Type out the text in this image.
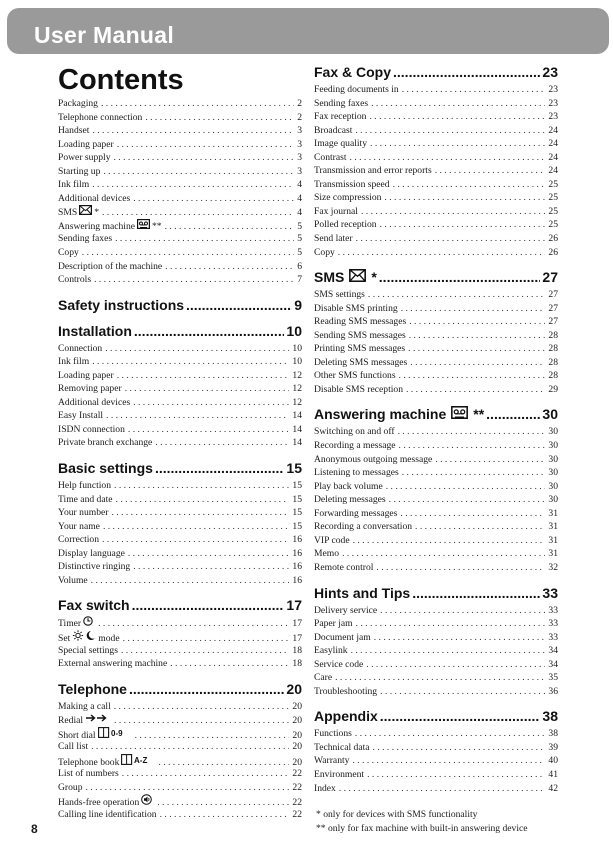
User Manual
Contents
Packaging . . .	2
Telephone connection . . .	2
Handset . . .	3
Loading paper . . .	3
Power supply . . .	3
Starting up . . .	3
Ink film . . .	4
Additional devices . . .	4
SMS * . . .	4
Answering machine ** . . .	5
Sending faxes . . .	5
Copy . . .	5
Description of the machine . . .	6
Controls . . .	7
Safety instructions .....	9
Installation .....	10
Connection . . .	10
Ink film . . .	10
Loading paper . . .	12
Removing paper . . .	12
Additional devices . . .	12
Easy Install . . .	14
ISDN connection . . .	14
Private branch exchange . . .	14
Basic settings .....	15
Help function . . .	15
Time and date . . .	15
Your number . . .	15
Your name . . .	15
Correction . . .	16
Display language . . .	16
Distinctive ringing . . .	16
Volume . . .	16
Fax switch .....	17
Timer . . .	17
Set	mode . . .	17
Special settings . . .	18
External answering machine . . .	18
Telephone .....	20
Making a call . . .	20
Redial . . .	20
Short dial 0-9 . . .	20
Call list . . .	20
Telephone book A-Z . . .	20
List of numbers . . .	22
Group . . .	22
Hands-free operation . . .	22
Calling line identification . . .	22
Fax & Copy .....	23
Feeding documents in . . .	23
Sending faxes . . .	23
Fax reception . . .	23
Broadcast . . .	24
Image quality . . .	24
Contrast . . .	24
Transmission and error reports . . .	24
Transmission speed . . .	25
Size compression . . .	25
Fax journal . . .	25
Polled reception . . .	25
Send later . . .	26
Copy . . .	26
SMS * .....	27
SMS settings . . .	27
Disable SMS printing . . .	27
Reading SMS messages . . .	27
Sending SMS messages . . .	28
Printing SMS messages . . .	28
Deleting SMS messages . . .	28
Other SMS functions . . .	28
Disable SMS reception . . .	29
Answering machine ** .....	30
Switching on and off . . .	30
Recording a message . . .	30
Anonymous outgoing message . . .	30
Listening to messages . . .	30
Play back volume . . .	30
Deleting messages . . .	30
Forwarding messages . . .	31
Recording a conversation . . .	31
VIP code . . .	31
Memo . . .	31
Remote control . . .	32
Hints and Tips .....	33
Delivery service . . .	33
Paper jam . . .	33
Document jam . . .	33
Easylink . . .	34
Service code . . .	34
Care . . .	35
Troubleshooting . . .	36
Appendix .....	38
Functions . . .	38
Technical data . . .	39
Warranty . . .	40
Environment . . .	41
Index . . .	42
* only for devices with SMS functionality
** only for fax machine with built-in answering device
8
